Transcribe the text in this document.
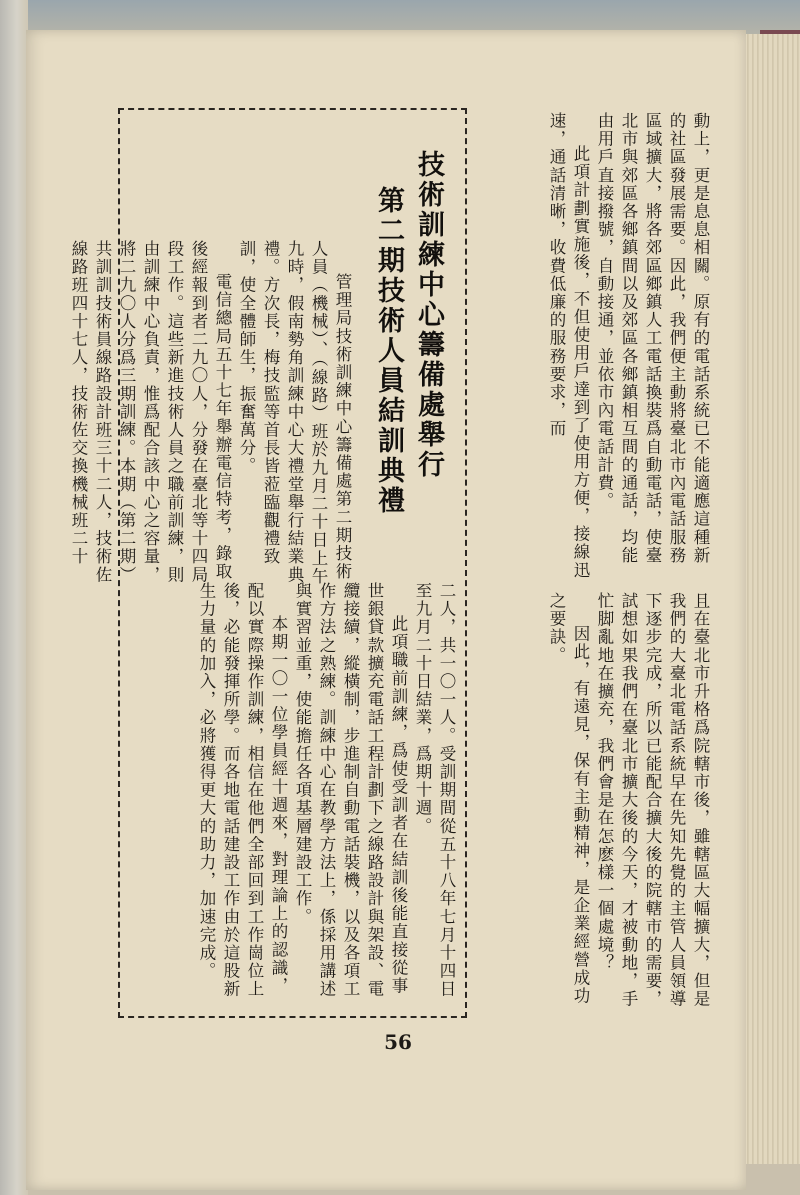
動上，更是息息相關。原有的電話系統已不能適應這種新的社區發展需要。因此，我們便主動將臺北市內電話服務區域擴大，將各郊區鄉鎮人工電話換裝爲自動電話，使臺北市與郊區各鄉鎮間以及郊區各鄉鎮相互間的通話，均能由用戶直接撥號，自動接通，並依市內電話計費。

此項計劃實施後，不但使用戶達到了使用方便，接線迅速，通話清晰，收費低廉的服務要求，而

且在臺北市升格爲院轄市後，雖轄區大幅擴大，但是我們的大臺北電話系統早在先知先覺的主管人員領導下逐步完成，所以已能配合擴大後的院轄市的需要，試想如果我們在臺北市擴大後的今天，才被動地，手忙脚亂地在擴充，我們會是在怎麽樣一個處境？

因此，有遠見，保有主動精神，是企業經營成功之要訣。

技術訓練中心籌備處舉行
第二期技術人員結訓典禮

管理局技術訓練中心籌備處第二期技術人員（機械）、（線路）班於九月二十日上午九時，假南勢角訓練中心大禮堂舉行結業典禮。方次長，梅技監等首長皆蒞臨觀禮致訓，使全體師生，振奮萬分。

電信總局五十七年舉辦電信特考，錄取後經報到者二九〇人，分發在臺北等十四局段工作。這些新進技術人員之職前訓練，則由訓練中心負責，惟爲配合該中心之容量，將二九〇人分爲三期訓練。本期（第二期）共訓訓技術員線路設計班三十二人，技術佐線路班四十七人，技術佐交換機械班二十

二人，共一〇一人。受訓期間從五十八年七月十四日至九月二十日結業，爲期十週。

此項職前訓練，爲使受訓者在結訓後能直接從事世銀貸款擴充電話工程計劃下之線路設計與架設、電纜接續，縱橫制，步進制自動電話裝機，以及各項工作方法之熟練。訓練中心在教學方法上，係採用講述與實習並重，使能擔任各項基層建設工作。

本期一〇一位學員經十週來，對理論上的認識，配以實際操作訓練，相信在他們全部回到工作崗位上後，必能發揮所學。而各地電話建設工作由於這股新生力量的加入，必將獲得更大的助力，加速完成。

56
